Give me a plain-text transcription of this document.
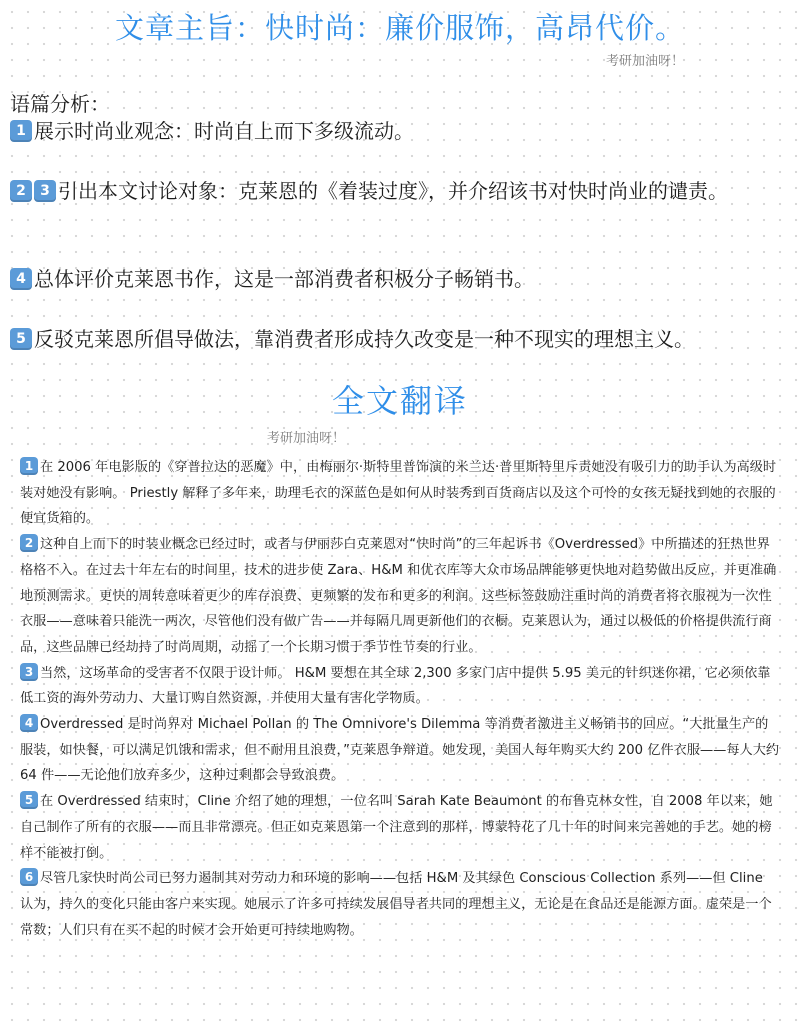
文章主旨：快时尚：廉价服饰，高昂代价。
考研加油呀！
语篇分析：
1 展示时尚业观念：时尚自上而下多级流动。
2 3 引出本文讨论对象：克莱恩的《着装过度》，并介绍该书对快时尚业的谴责。
4 总体评价克莱恩书作，这是一部消费者积极分子畅销书。
5 反驳克莱恩所倡导做法，靠消费者形成持久改变是一种不现实的理想主义。
全文翻译
考研加油呀！

1 在 2006 年电影版的《穿普拉达的恶魔》中，由梅丽尔·斯特里普饰演的米兰达·普里斯特里斥责她没有吸引力的助手认为高级时装对她没有影响。 Priestly 解释了多年来，助理毛衣的深蓝色是如何从时装秀到百货商店以及这个可怜的女孩无疑找到她的衣服的便宜货箱的。

2 这种自上而下的时装业概念已经过时，或者与伊丽莎白克莱恩对“快时尚”的三年起诉书《Overdressed》中所描述的狂热世界格格不入。在过去十年左右的时间里，技术的进步使 Zara、H&M 和优衣库等大众市场品牌能够更快地对趋势做出反应，并更准确地预测需求。更快的周转意味着更少的库存浪费、更频繁的发布和更多的利润。这些标签鼓励注重时尚的消费者将衣服视为一次性衣服——意味着只能洗一两次，尽管他们没有做广告——并每隔几周更新他们的衣橱。克莱恩认为，通过以极低的价格提供流行商品，这些品牌已经劫持了时尚周期，动摇了一个长期习惯于季节性节奏的行业。

3 当然，这场革命的受害者不仅限于设计师。 H&M 要想在其全球 2,300 多家门店中提供 5.95 美元的针织迷你裙，它必须依靠低工资的海外劳动力、大量订购自然资源，并使用大量有害化学物质。

4 Overdressed 是时尚界对 Michael Pollan 的 The Omnivore's Dilemma 等消费者激进主义畅销书的回应。“大批量生产的服装，如快餐，可以满足饥饿和需求，但不耐用且浪费，”克莱恩争辩道。她发现，美国人每年购买大约 200 亿件衣服——每人大约 64 件——无论他们放弃多少，这种过剩都会导致浪费。

5 在 Overdressed 结束时，Cline 介绍了她的理想，一位名叫 Sarah Kate Beaumont 的布鲁克林女性，自 2008 年以来，她自己制作了所有的衣服——而且非常漂亮。但正如克莱恩第一个注意到的那样，博蒙特花了几十年的时间来完善她的手艺。她的榜样不能被打倒。

6 尽管几家快时尚公司已努力遏制其对劳动力和环境的影响——包括 H&M 及其绿色 Conscious Collection 系列——但 Cline 认为，持久的变化只能由客户来实现。她展示了许多可持续发展倡导者共同的理想主义，无论是在食品还是能源方面。虚荣是一个常数；人们只有在买不起的时候才会开始更可持续地购物。
